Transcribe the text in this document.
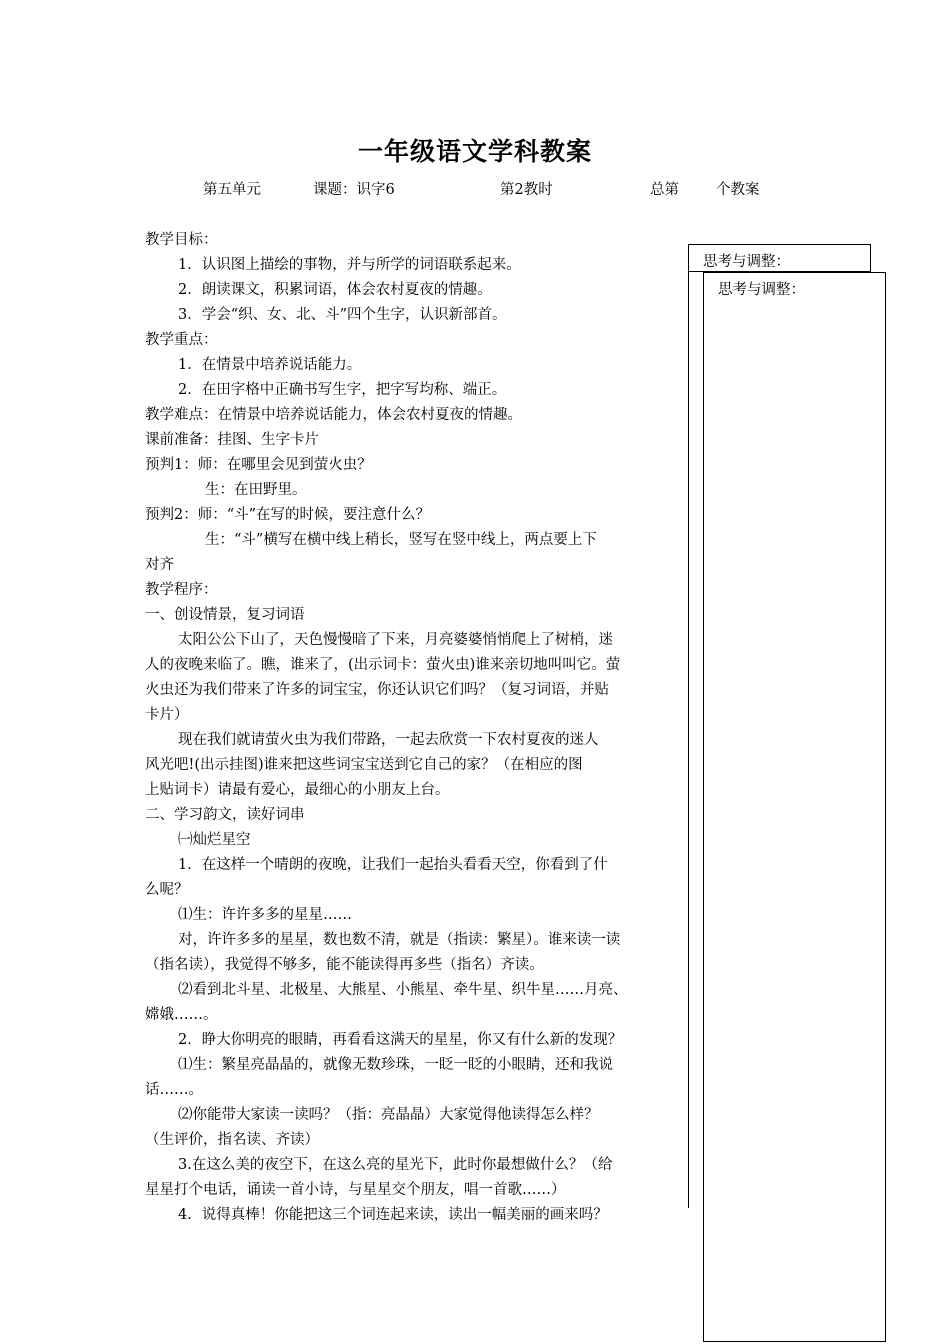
一年级语文学科教案
第五单元	课题：识字6	第2教时	总第	个教案
思考与调整：
思考与调整：

教学目标：

1．认识图上描绘的事物，并与所学的词语联系起来。

2．朗读课文，积累词语，体会农村夏夜的情趣。

3．学会“织、女、北、斗”四个生字，认识新部首。

教学重点：

1．在情景中培养说话能力。

2．在田字格中正确书写生字，把字写均称、端正。

教学难点：在情景中培养说话能力，体会农村夏夜的情趣。

课前准备：挂图、生字卡片

预判1：师：在哪里会见到萤火虫？

生：在田野里。

预判2：师：“斗”在写的时候，要注意什么？

生：“斗”横写在横中线上稍长，竖写在竖中线上，两点要上下

对齐

教学程序：

一、创设情景，复习词语

太阳公公下山了，天色慢慢暗了下来，月亮婆婆悄悄爬上了树梢，迷

人的夜晚来临了。瞧，谁来了，(出示词卡：萤火虫)谁来亲切地叫叫它。萤

火虫还为我们带来了许多的词宝宝，你还认识它们吗？（复习词语，并贴

卡片）

现在我们就请萤火虫为我们带路，一起去欣赏一下农村夏夜的迷人

风光吧!(出示挂图)谁来把这些词宝宝送到它自己的家？（在相应的图

上贴词卡）请最有爱心，最细心的小朋友上台。

二、学习韵文，读好词串

㈠灿烂星空

1．在这样一个晴朗的夜晚，让我们一起抬头看看天空，你看到了什

么呢？

⑴生：许许多多的星星……

对，许许多多的星星，数也数不清，就是（指读：繁星）。谁来读一读

（指名读），我觉得不够多，能不能读得再多些（指名）齐读。

⑵看到北斗星、北极星、大熊星、小熊星、牵牛星、织牛星……月亮、

嫦娥……。

2．睁大你明亮的眼睛，再看看这满天的星星，你又有什么新的发现？

⑴生：繁星亮晶晶的，就像无数珍珠，一眨一眨的小眼睛，还和我说

话……。

⑵你能带大家读一读吗？（指：亮晶晶）大家觉得他读得怎么样？

（生评价，指名读、齐读）

3.在这么美的夜空下，在这么亮的星光下，此时你最想做什么？（给

星星打个电话，诵读一首小诗，与星星交个朋友，唱一首歌……）

4．说得真棒！你能把这三个词连起来读，读出一幅美丽的画来吗？
